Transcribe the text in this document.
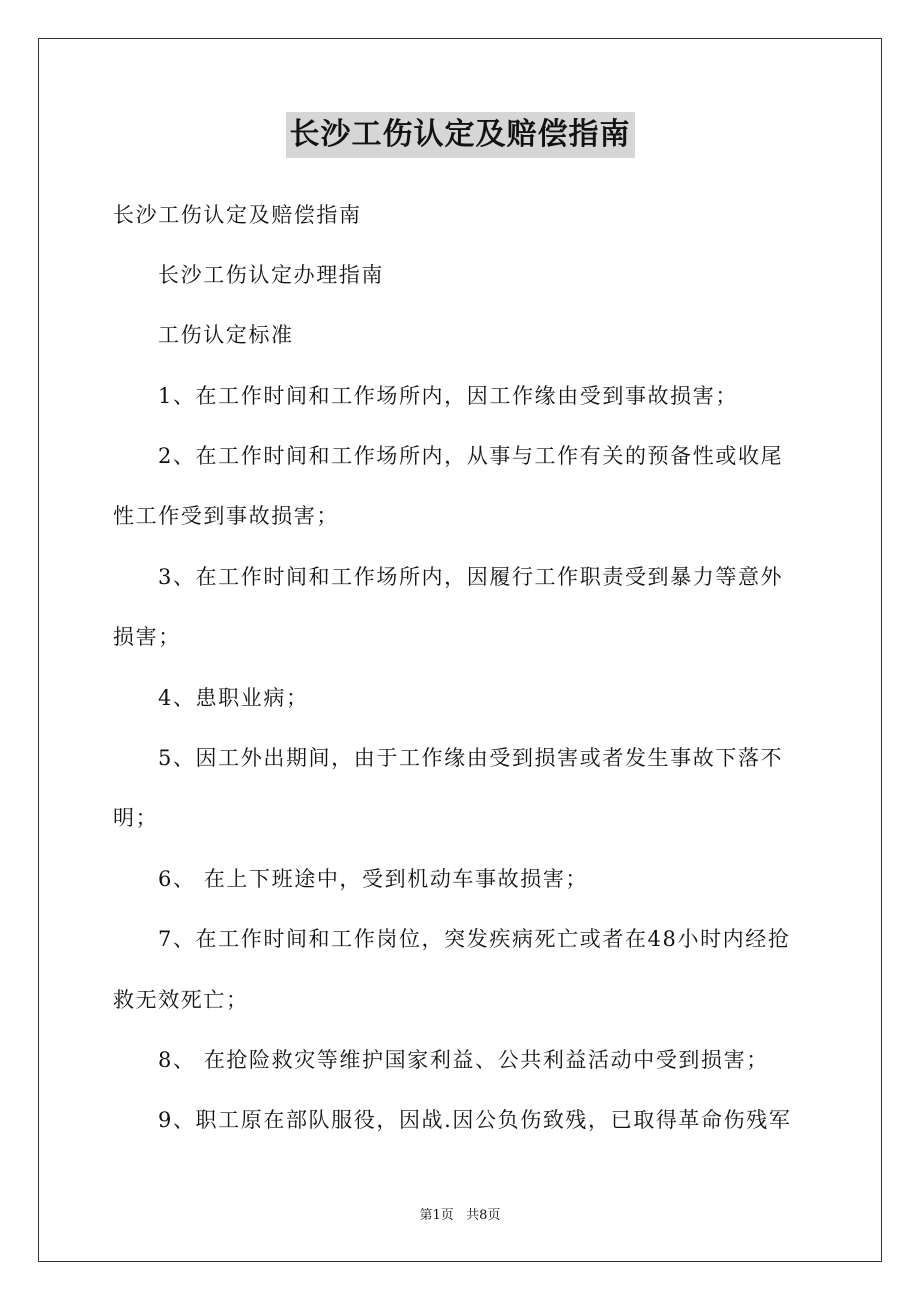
长沙工伤认定及赔偿指南
长沙工伤认定及赔偿指南
长沙工伤认定办理指南
工伤认定标准
1、在工作时间和工作场所内，因工作缘由受到事故损害；
2、在工作时间和工作场所内，从事与工作有关的预备性或收尾
性工作受到事故损害；
3、在工作时间和工作场所内，因履行工作职责受到暴力等意外
损害；
4、患职业病；
5、因工外出期间，由于工作缘由受到损害或者发生事故下落不
明；
6、 在上下班途中，受到机动车事故损害；
7、在工作时间和工作岗位，突发疾病死亡或者在48小时内经抢
救无效死亡；
8、 在抢险救灾等维护国家利益、公共利益活动中受到损害；
9、职工原在部队服役，因战.因公负伤致残，已取得革命伤残军
第1页   共8页
